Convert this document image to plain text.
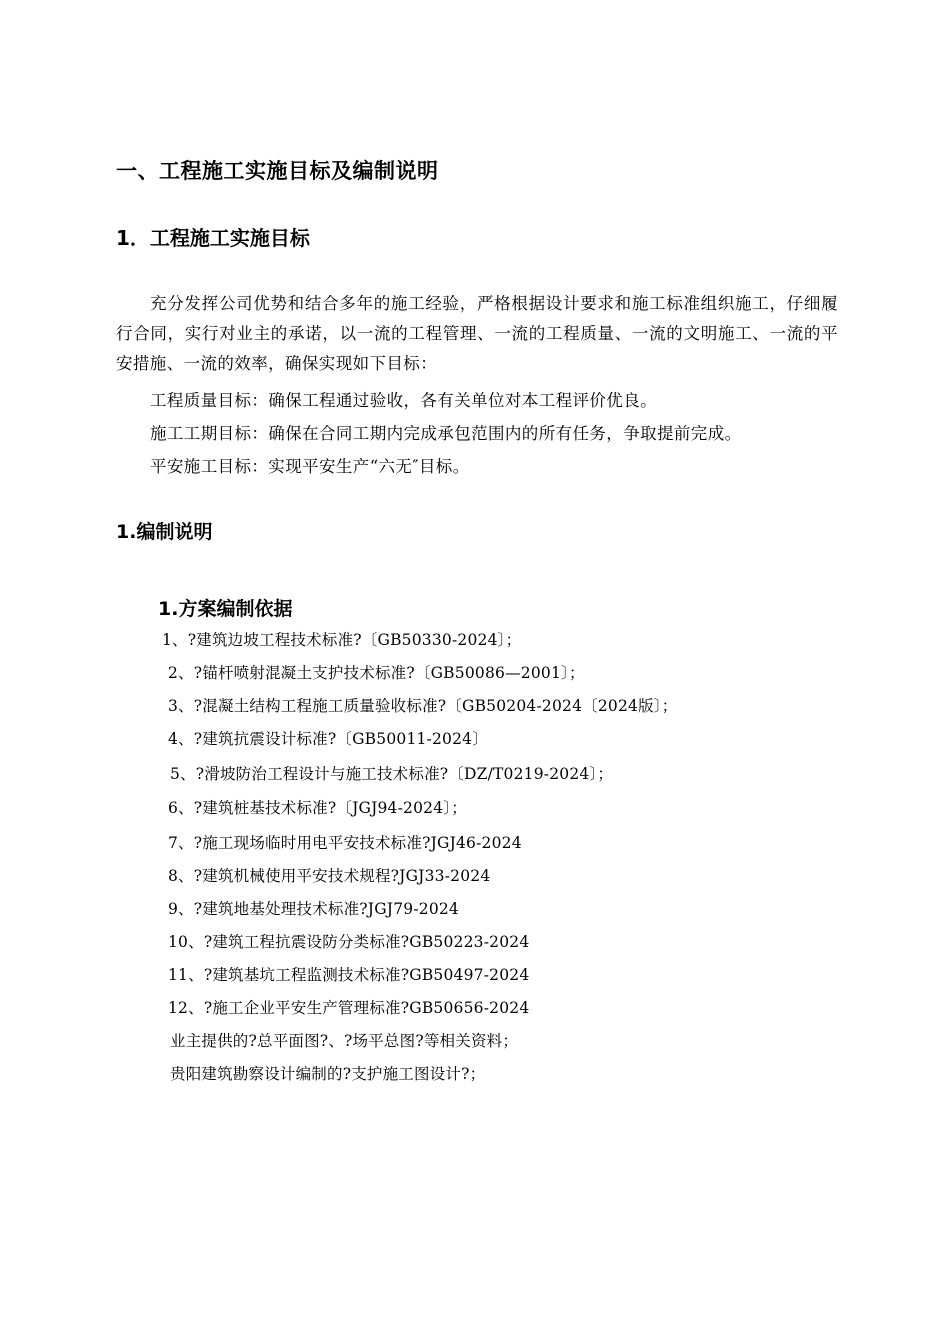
一、工程施工实施目标及编制说明
1．工程施工实施目标
充分发挥公司优势和结合多年的施工经验，严格根据设计要求和施工标准组织施工，仔细履行合同，实行对业主的承诺，以一流的工程管理、一流的工程质量、一流的文明施工、一流的平安措施、一流的效率，确保实现如下目标：
工程质量目标：确保工程通过验收，各有关单位对本工程评价优良。
施工工期目标：确保在合同工期内完成承包范围内的所有任务，争取提前完成。
平安施工目标：实现平安生产“六无″目标。
1.编制说明
1.方案编制依据
1、?建筑边坡工程技术标准?〔GB50330-2024〕；
2、?锚杆喷射混凝土支护技术标准?〔GB50086—2001〕；
3、?混凝土结构工程施工质量验收标准?〔GB50204-2024〔2024版〕；
4、?建筑抗震设计标准?〔GB50011-2024〕
5、?滑坡防治工程设计与施工技术标准?〔DZ/T0219-2024〕；
6、?建筑桩基技术标准?〔JGJ94-2024〕；
7、?施工现场临时用电平安技术标准?JGJ46-2024
8、?建筑机械使用平安技术规程?JGJ33-2024
9、?建筑地基处理技术标准?JGJ79-2024
10、?建筑工程抗震设防分类标准?GB50223-2024
11、?建筑基坑工程监测技术标准?GB50497-2024
12、?施工企业平安生产管理标准?GB50656-2024
业主提供的?总平面图?、?场平总图?等相关资料；
贵阳建筑勘察设计编制的?支护施工图设计?；
